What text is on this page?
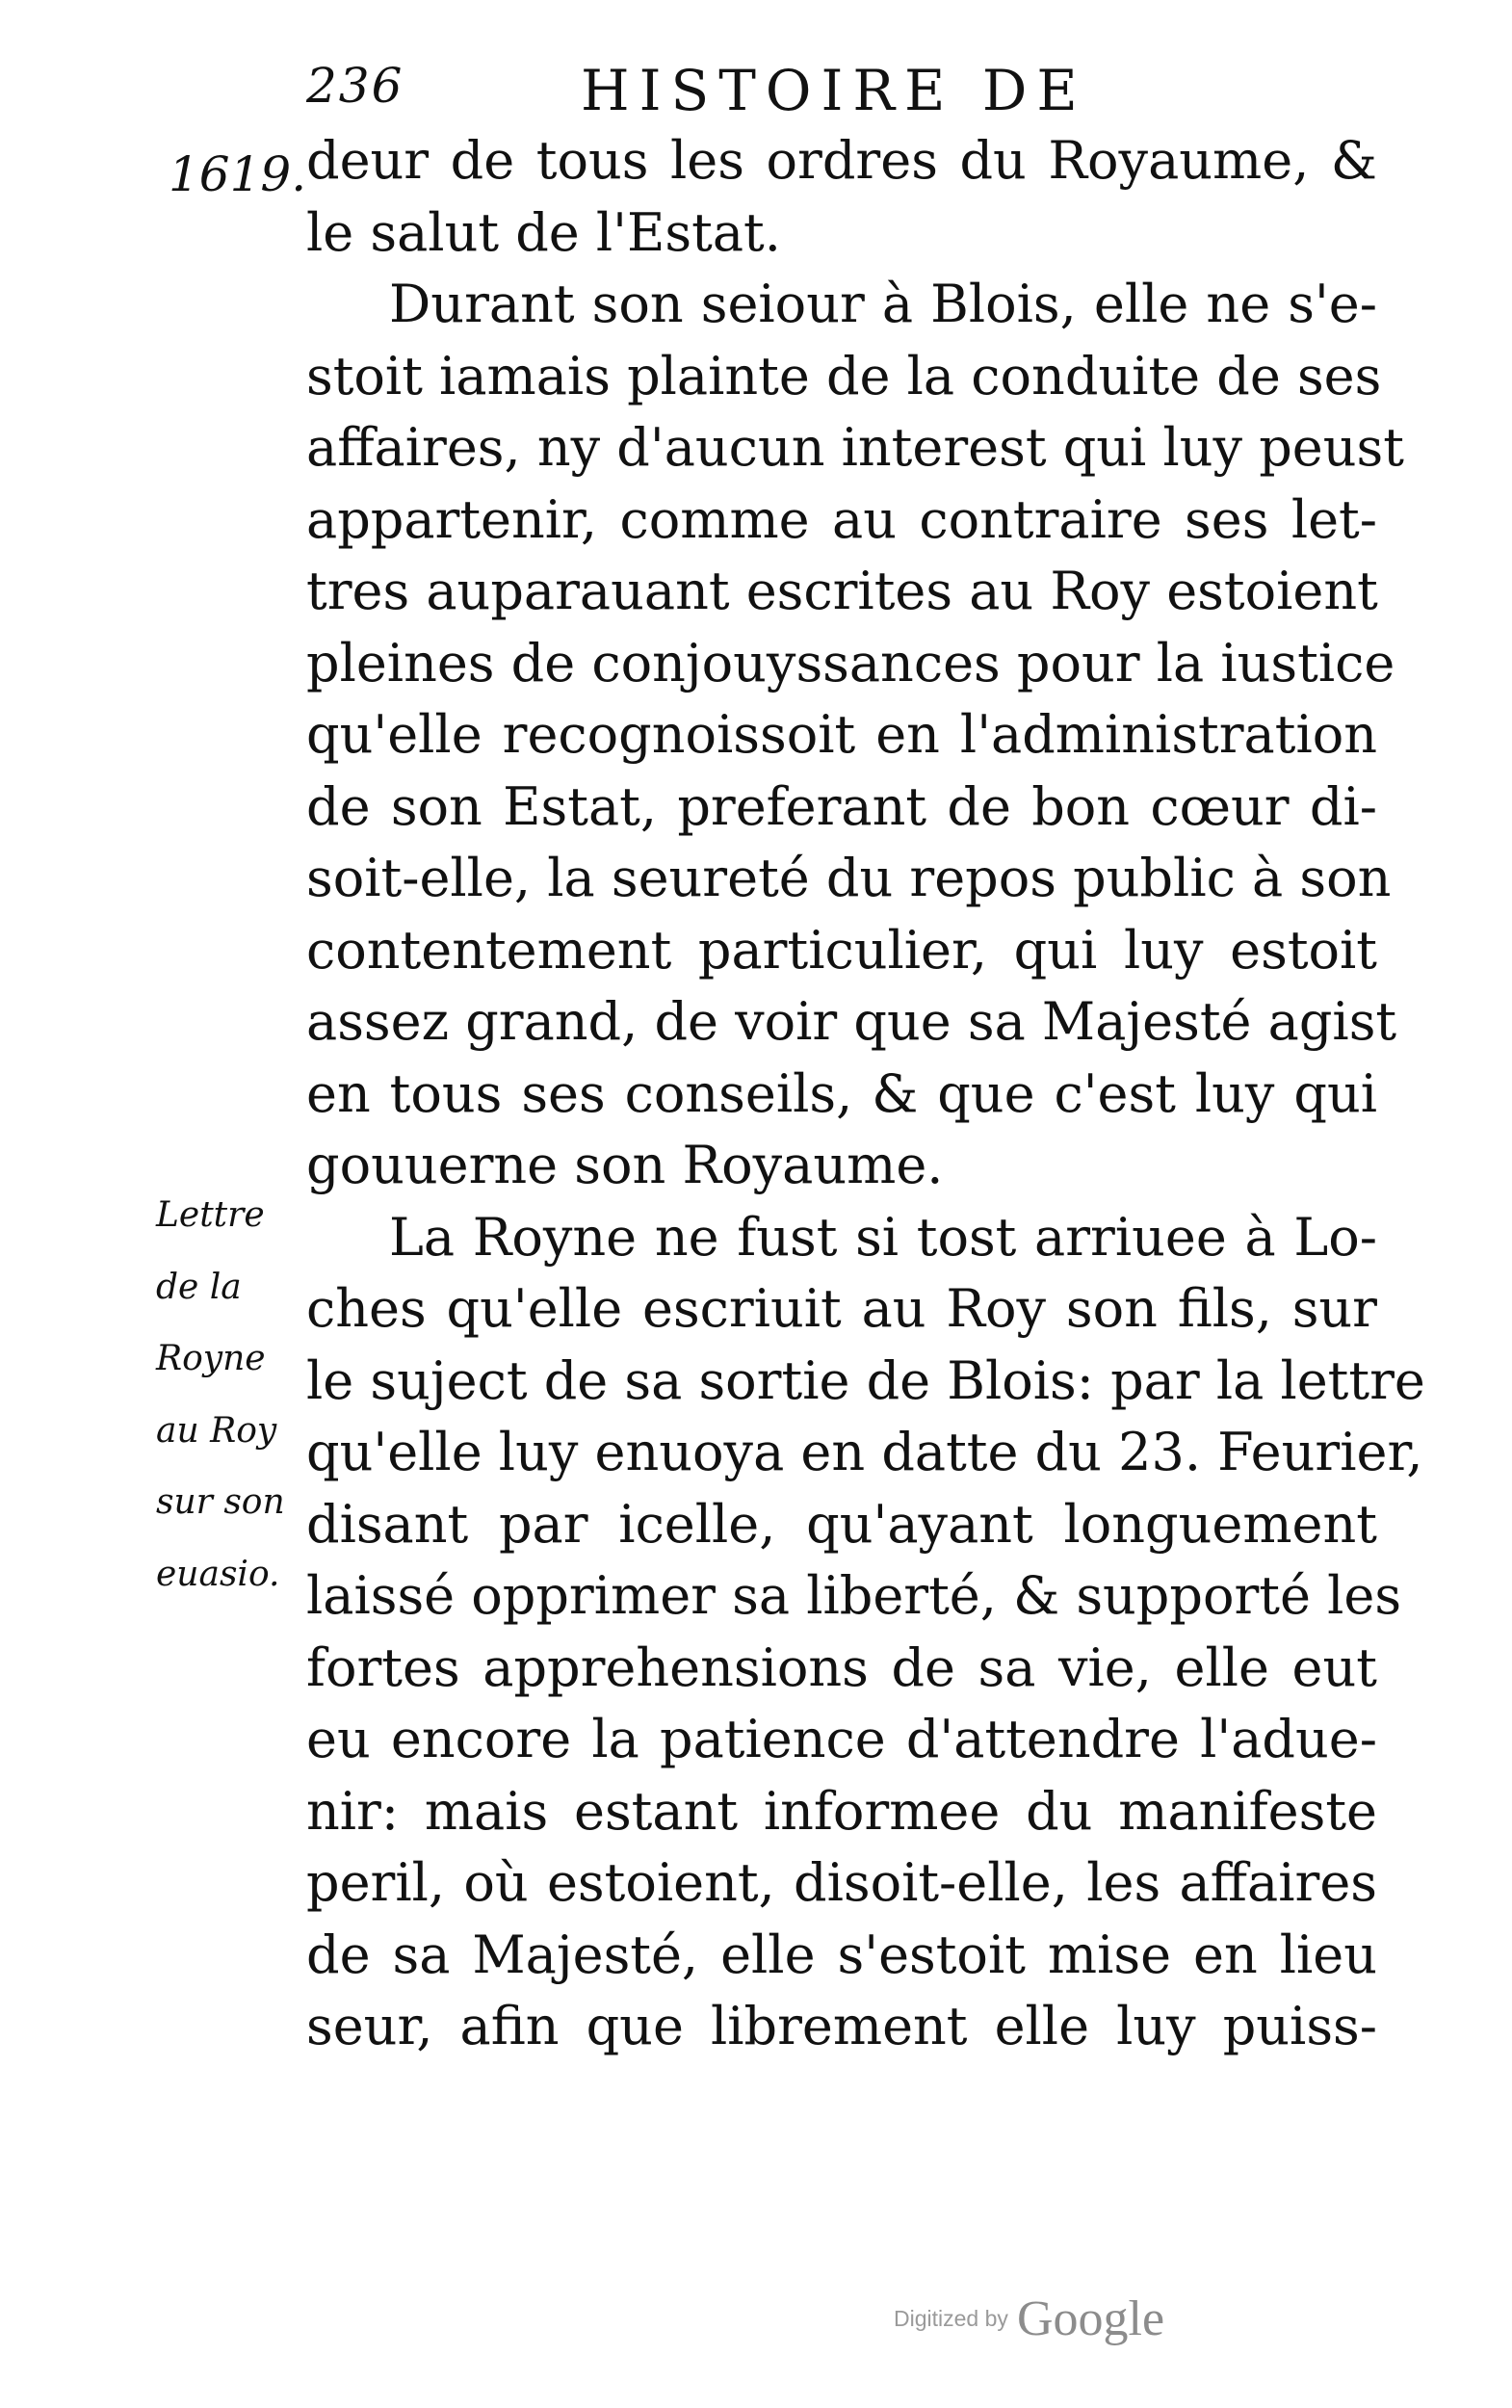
236	HISTOIRE DE
1619. deur de tous les ordres du Royaume, &
le salut de l'Estat.

Durant son seiour à Blois, elle ne s'e-
stoit iamais plainte de la conduite de ses
affaires, ny d'aucun interest qui luy peust
appartenir, comme au contraire ses let-
tres auparauant escrites au Roy estoient
pleines de conjouyssances pour la iustice
qu'elle recognoissoit en l'administration
de son Estat, preferant de bon cœur di-
soit-elle, la seureté du repos public à son
contentement particulier, qui luy estoit
assez grand, de voir que sa Majesté agist
en tous ses conseils, & que c'est luy qui
gouuerne son Royaume.

La Royne ne fust si tost arriuee à Lo-
ches qu'elle escriuit au Roy son fils, sur
le suject de sa sortie de Blois: par la lettre
qu'elle luy enuoya en datte du 23. Feurier,
disant par icelle, qu'ayant longuement
laissé opprimer sa liberté, & supporté les
fortes apprehensions de sa vie, elle eut
eu encore la patience d'attendre l'adue-
nir: mais estant informee du manifeste
peril, où estoient, disoit-elle, les affaires
de sa Majesté, elle s'estoit mise en lieu
seur, afin que librement elle luy puiss-

Lettre
de la
Royne
au Roy
sur son
euasio.
Digitized by Google
